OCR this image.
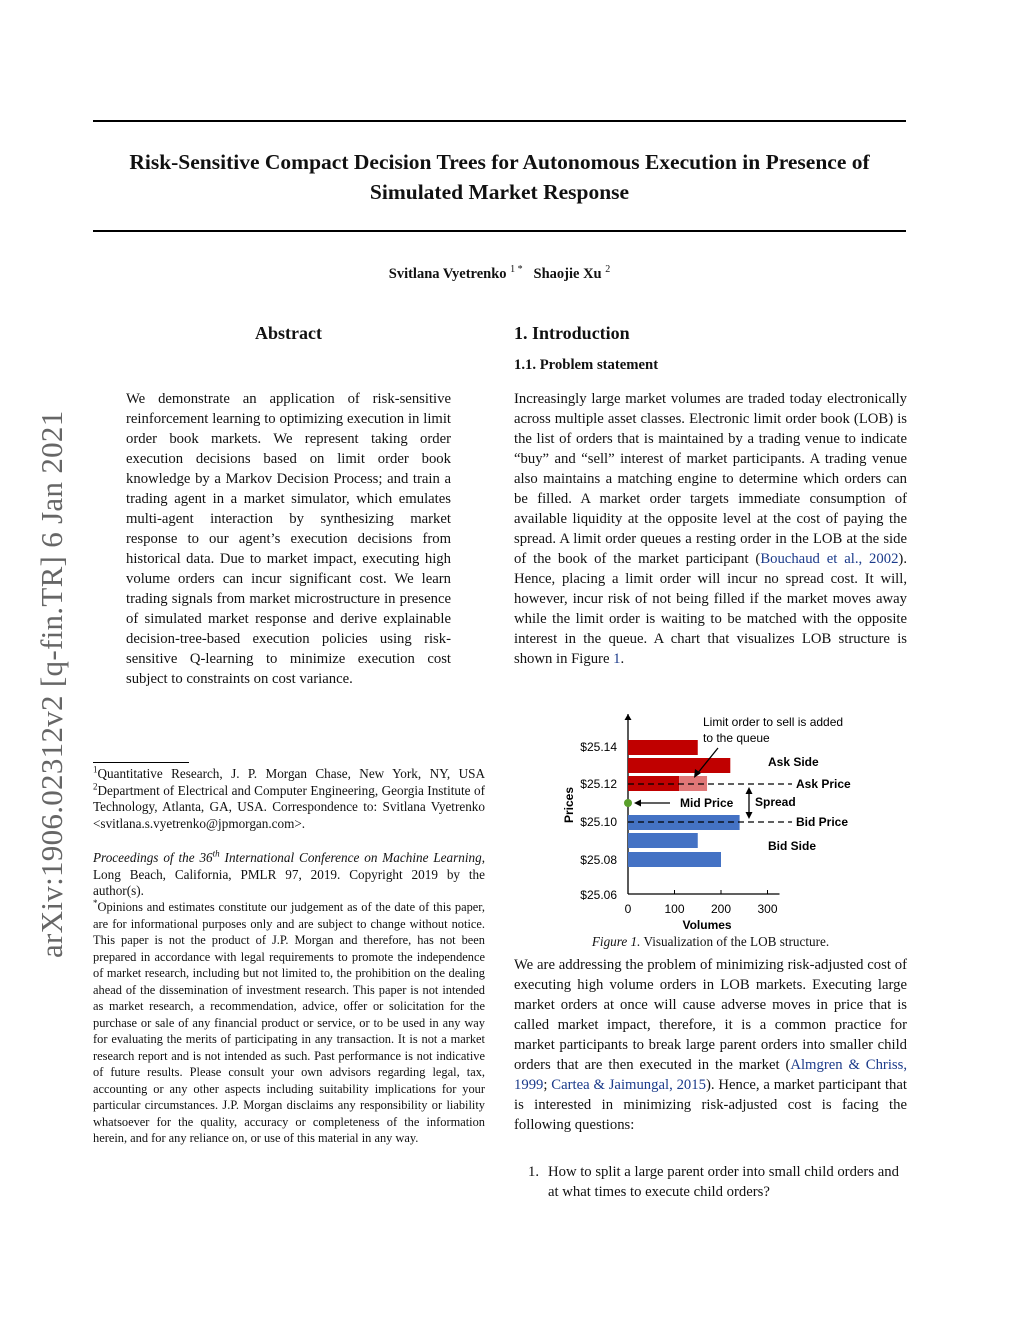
arXiv:1906.02312v2 [q-fin.TR] 6 Jan 2021
Risk-Sensitive Compact Decision Trees for Autonomous Execution in Presence of Simulated Market Response
Svitlana Vyetrenko $^{1 *}$ Shaojie Xu $^2$
Abstract
We demonstrate an application of risk-sensitive reinforcement learning to optimizing execution in limit order book markets. We represent taking order execution decisions based on limit order book knowledge by a Markov Decision Process; and train a trading agent in a market simulator, which emulates multi-agent interaction by synthesizing market response to our agent’s execution decisions from historical data. Due to market impact, executing high volume orders can incur significant cost. We learn trading signals from market microstructure in presence of simulated market response and derive explainable decision-tree-based execution policies using risk-sensitive Q-learning to minimize execution cost subject to constraints on cost variance.
$^1$Quantitative Research, J. P. Morgan Chase, New York, NY, USA $^2$Department of Electrical and Computer Engineering, Georgia Institute of Technology, Atlanta, GA, USA. Correspondence to: Svitlana Vyetrenko <svitlana.s.vyetrenko@jpmorgan.com>.
Proceedings of the 36th International Conference on Machine Learning, Long Beach, California, PMLR 97, 2019. Copyright 2019 by the author(s).
*Opinions and estimates constitute our judgement as of the date of this paper, are for informational purposes only and are subject to change without notice. This paper is not the product of J.P. Morgan and therefore, has not been prepared in accordance with legal requirements to promote the independence of market research, including but not limited to, the prohibition on the dealing ahead of the dissemination of investment research. This paper is not intended as market research, a recommendation, advice, offer or solicitation for the purchase or sale of any financial product or service, or to be used in any way for evaluating the merits of participating in any transaction. It is not a market research report and is not intended as such. Past performance is not indicative of future results. Please consult your own advisors regarding legal, tax, accounting or any other aspects including suitability implications for your particular circumstances. J.P. Morgan disclaims any responsibility or liability whatsoever for the quality, accuracy or completeness of the information herein, and for any reliance on, or use of this material in any way.
1. Introduction
1.1. Problem statement
Increasingly large market volumes are traded today electronically across multiple asset classes. Electronic limit order book (LOB) is the list of orders that is maintained by a trading venue to indicate “buy” and “sell” interest of market participants. A trading venue also maintains a matching engine to determine which orders can be filled. A market order targets immediate consumption of available liquidity at the opposite level at the cost of paying the spread. A limit order queues a resting order in the LOB at the side of the book of the market participant (Bouchaud et al., 2002). Hence, placing a limit order will incur no spread cost. It will, however, incur risk of not being filled if the market moves away while the limit order is waiting to be matched with the opposite interest in the queue. A chart that visualizes LOB structure is shown in Figure 1.
0	100 200 300
Volumes
$25.14
$25.12
$25.10
$25.08
$25.06
Prices	Mid Price Spread
Ask Side
Ask Price
Bid Price
Bid Side
Limit order to sell is added
to the queue
Figure 1. Visualization of the LOB structure.
We are addressing the problem of minimizing risk-adjusted cost of executing high volume orders in LOB markets. Executing large market orders at once will cause adverse moves in price that is called market impact, therefore, it is a common practice for market participants to break large parent orders into smaller child orders that are then executed in the market (Almgren & Chriss, 1999; Cartea & Jaimungal, 2015). Hence, a market participant that is interested in minimizing risk-adjusted cost is facing the following questions:
1. How to split a large parent order into small child orders and at what times to execute child orders?
